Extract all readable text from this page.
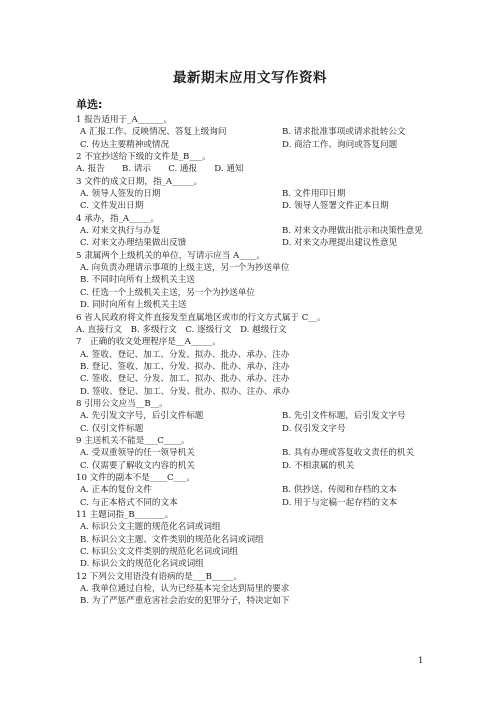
最新期末应用文写作资料
单选:
1 报告适用于_A______。
A 汇报工作、反映情况、答复上级询问	B. 请求批准事项或请求批转公文
C. 传达主要精神或情况	D. 商洽工作、询问或答复问题
2 不宜抄送给下级的文件是_B___。
A. 报告　　B. 请示　　C. 通报　　D. 通知
3 文件的成文日期，指_A_____。
A. 领导人签发的日期	B. 文件用印日期
C. 文件发出日期	D. 领导人签署文件正本日期
4 承办，指_A_____。
A. 对来文执行与办复	B. 对来文办理做出批示和决策性意见
C. 对来文办理结果做出反馈	D. 对来文办理提出建议性意见
5 隶属两个上级机关的单位，写请示应当 A____。
A. 向负责办理请示事项的上级主送，另一个为抄送单位
B. 不同时向所有上级机关主送
C. 任选一个上级机关主送，另一个为抄送单位
D. 同时向所有上级机关主送
6 省人民政府将文件直接发至直属地区或市的行文方式属于 C__。
A. 直接行文　B. 多级行文　C. 逐级行文　D. 越级行文
7　正确的收文处理程序是__A_____。
A. 签收、登记、加工、分发、拟办、批办、承办、注办
B. 登记、签收、加工、分发、拟办、批办、承办、注办
C. 签收、登记、分发、加工、拟办、批办、承办、注办
D. 签收、登记、加工、分发、批办、拟办、注办、承办
8 引用公文应当__B__。
A. 先引发文字号，后引文件标题	B. 先引文件标题，后引发文字号
C. 仅引文件标题	D. 仅引发文字号
9 主送机关不能是___C____。
A. 受双重领导的任一领导机关	B. 具有办理或答复收文责任的机关
C. 仅需要了解收文内容的机关	D. 不相隶属的机关
10 文件的副本不是____C___。
A. 正本的复份文件	B. 供抄送、传阅和存档的文本
C. 与正本格式不同的文本	D. 用于与定稿一起存档的文本
11 主题词指_B_______。
A. 标识公文主题的规范化名词或词组
B. 标识公文主题、文件类别的规范化名词或词组
C. 标识公文文件类别的规范化名词或词组
D. 标识公文的规范化名词或词组
12 下列公文用语没有语病的是___B_____。
A. 我单位通过自检，认为已经基本完全达到局里的要求
B. 为了严惩严重危害社会治安的犯罪分子，特决定如下
1
